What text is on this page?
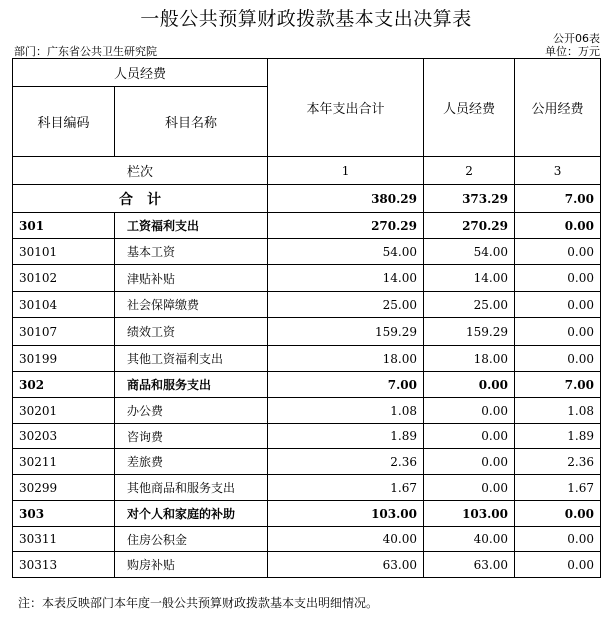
一般公共预算财政拨款基本支出决算表
公开06表
部门：广东省公共卫生研究院	单位：万元
人员经费		本年支出合计	人员经费	公用经费
科目编码	科目名称			
栏次		1	2	3
合　计		380.29	373.29	7.00
301	工资福利支出	270.29	270.29	0.00
30101	基本工资	54.00	54.00	0.00
30102	津贴补贴	14.00	14.00	0.00
30104	社会保障缴费	25.00	25.00	0.00
30107	绩效工资	159.29	159.29	0.00
30199	其他工资福利支出	18.00	18.00	0.00
302	商品和服务支出	7.00	0.00	7.00
30201	办公费	1.08	0.00	1.08
30203	咨询费	1.89	0.00	1.89
30211	差旅费	2.36	0.00	2.36
30299	其他商品和服务支出	1.67	0.00	1.67
303	对个人和家庭的补助	103.00	103.00	0.00
30311	住房公积金	40.00	40.00	0.00
30313	购房补贴	63.00	63.00	0.00
注：本表反映部门本年度一般公共预算财政拨款基本支出明细情况。
